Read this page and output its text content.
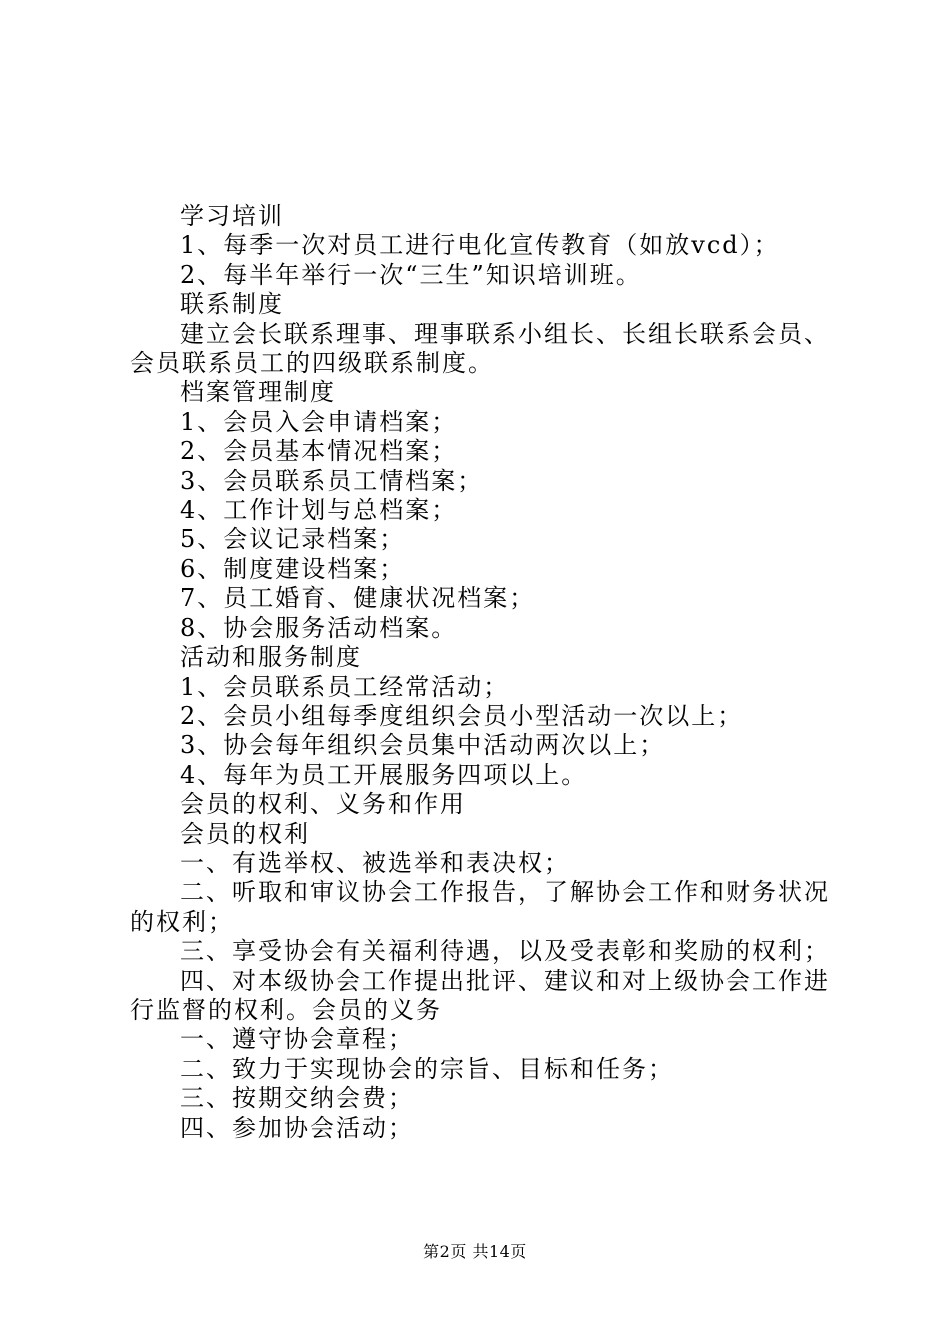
学习培训

1、每季一次对员工进行电化宣传教育（如放vcd）；

2、每半年举行一次“三生”知识培训班。

联系制度

建立会长联系理事、理事联系小组长、长组长联系会员、会员联系员工的四级联系制度。

档案管理制度

1、会员入会申请档案；

2、会员基本情况档案；

3、会员联系员工情档案；

4、工作计划与总档案；

5、会议记录档案；

6、制度建设档案；

7、员工婚育、健康状况档案；

8、协会服务活动档案。

活动和服务制度

1、会员联系员工经常活动；

2、会员小组每季度组织会员小型活动一次以上；

3、协会每年组织会员集中活动两次以上；

4、每年为员工开展服务四项以上。

会员的权利、义务和作用

会员的权利

一、有选举权、被选举和表决权；

二、听取和审议协会工作报告，了解协会工作和财务状况的权利；

三、享受协会有关福利待遇，以及受表彰和奖励的权利；

四、对本级协会工作提出批评、建议和对上级协会工作进行监督的权利。会员的义务

一、遵守协会章程；

二、致力于实现协会的宗旨、目标和任务；

三、按期交纳会费；

四、参加协会活动；

第2页 共14页
